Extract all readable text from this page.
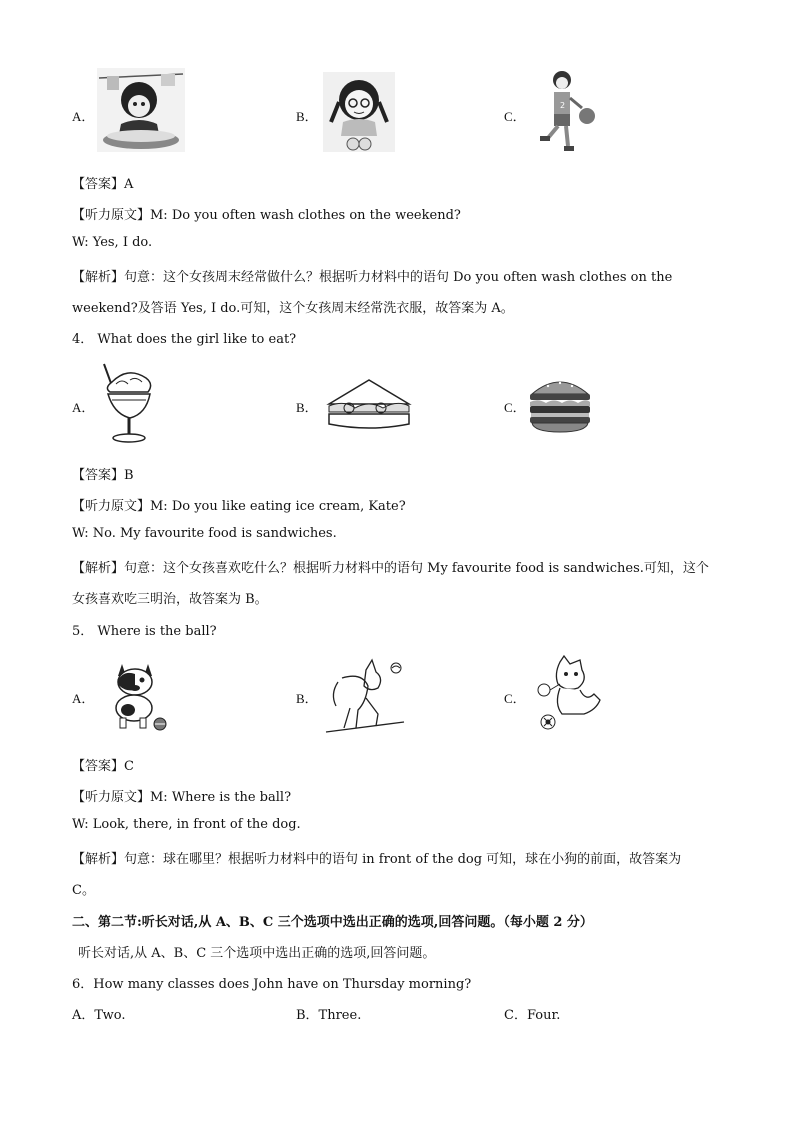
A．	B．	C．
2
【答案】A
【听力原文】M: Do you often wash clothes on the weekend?
W: Yes, I do.
【解析】句意：这个女孩周末经常做什么？根据听力材料中的语句 Do you often wash clothes on the
weekend?及答语 Yes, I do.可知，这个女孩周末经常洗衣服，故答案为 A。
4． What does the girl like to eat?
A．	B．	C．
【答案】B
【听力原文】M: Do you like eating ice cream, Kate?
W: No. My favourite food is sandwiches.
【解析】句意：这个女孩喜欢吃什么？根据听力材料中的语句 My favourite food is sandwiches.可知，这个
女孩喜欢吃三明治，故答案为 B。
5． Where is the ball?
A．	B．	C．
【答案】C
【听力原文】M: Where is the ball?
W: Look, there, in front of the dog.
【解析】句意：球在哪里？根据听力材料中的语句 in front of the dog 可知，球在小狗的前面，故答案为
C。
二、第二节:听长对话,从 A、B、C 三个选项中选出正确的选项,回答问题。（每小题 2 分）
听长对话,从 A、B、C 三个选项中选出正确的选项,回答问题。
6．How many classes does John have on Thursday morning?
A．Two.	B．Three.	C．Four.
